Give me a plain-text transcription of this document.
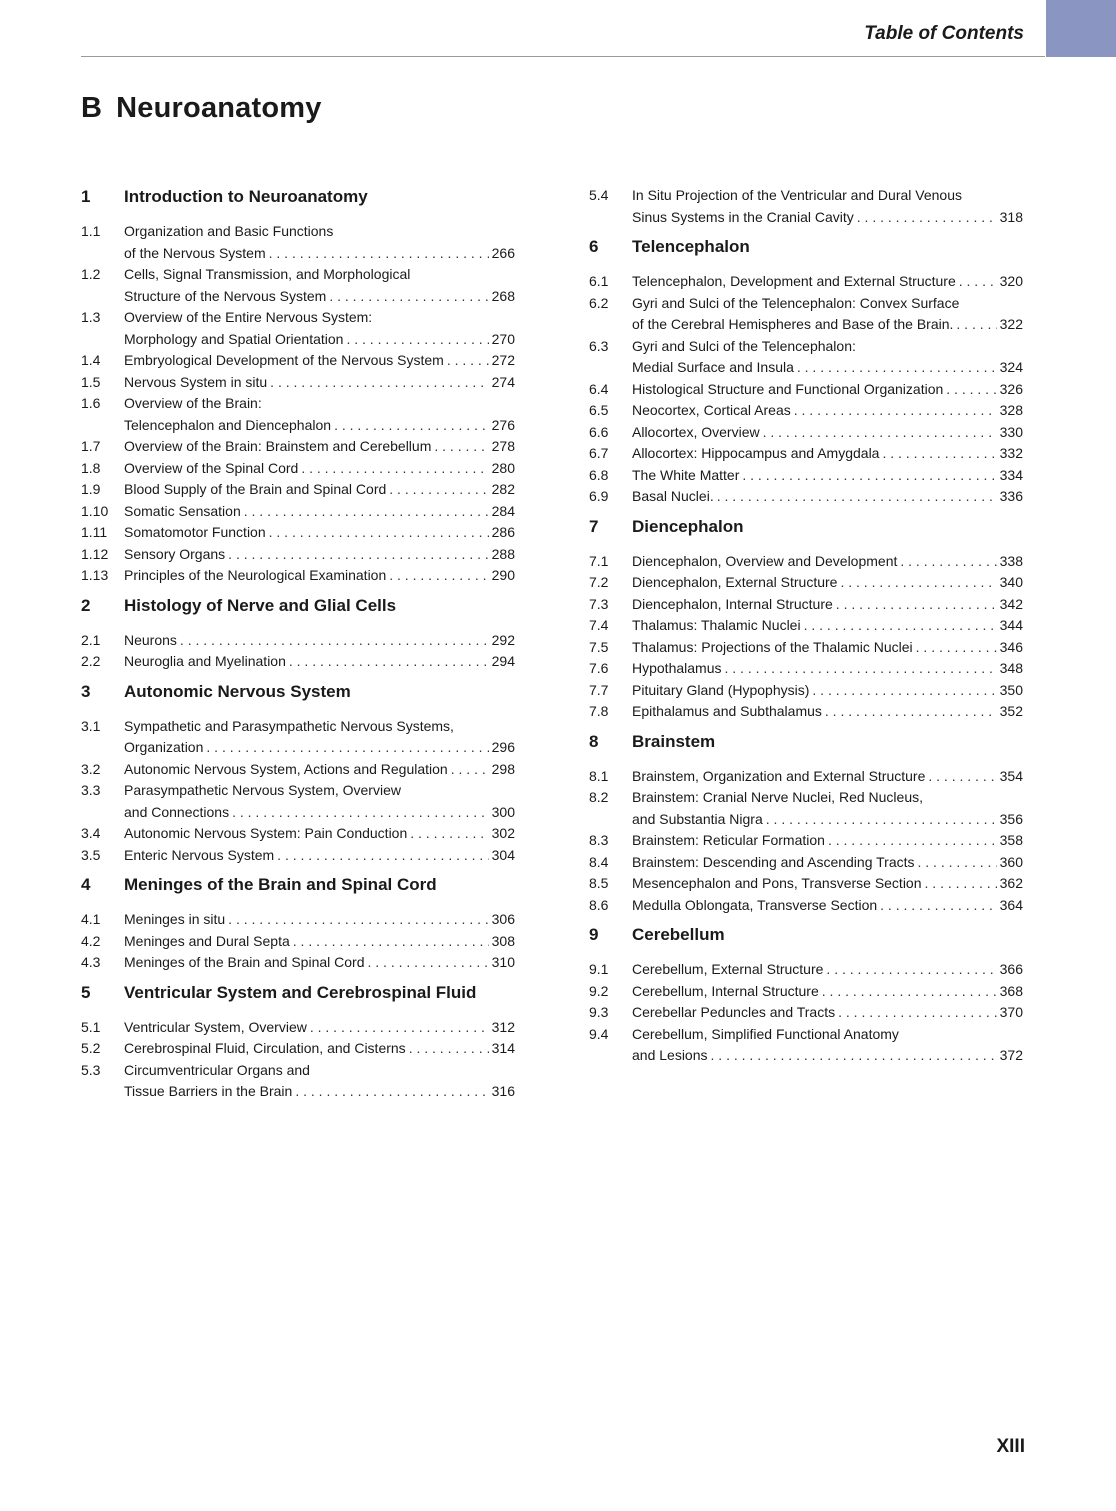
Table of Contents
B Neuroanatomy
1	Introduction to Neuroanatomy
1.1	Organization and Basic Functions
of the Nervous System . . .	266
1.2	Cells, Signal Transmission, and Morphological
Structure of the Nervous System . . .	268
1.3	Overview of the Entire Nervous System:
Morphology and Spatial Orientation . . .	270
1.4	Embryological Development of the Nervous System . . .	272
1.5	Nervous System in situ . . .	274
1.6	Overview of the Brain:
Telencephalon and Diencephalon . . .	276
1.7	Overview of the Brain: Brainstem and Cerebellum . . .	278
1.8	Overview of the Spinal Cord . . .	280
1.9	Blood Supply of the Brain and Spinal Cord . . .	282
1.10	Somatic Sensation . . .	284
1.11	Somatomotor Function . . .	286
1.12	Sensory Organs . . .	288
1.13	Principles of the Neurological Examination . . .	290
2	Histology of Nerve and Glial Cells
2.1	Neurons . . .	292
2.2	Neuroglia and Myelination . . .	294
3	Autonomic Nervous System
3.1	Sympathetic and Parasympathetic Nervous Systems,
Organization . . .	296
3.2	Autonomic Nervous System, Actions and Regulation . . .	298
3.3	Parasympathetic Nervous System, Overview
and Connections . . .	300
3.4	Autonomic Nervous System: Pain Conduction . . .	302
3.5	Enteric Nervous System . . .	304
4	Meninges of the Brain and Spinal Cord
4.1	Meninges in situ . . .	306
4.2	Meninges and Dural Septa . . .	308
4.3	Meninges of the Brain and Spinal Cord . . .	310
5	Ventricular System and Cerebrospinal Fluid
5.1	Ventricular System, Overview . . .	312
5.2	Cerebrospinal Fluid, Circulation, and Cisterns . . .	314
5.3	Circumventricular Organs and
Tissue Barriers in the Brain . . .	316
5.4	In Situ Projection of the Ventricular and Dural Venous
Sinus Systems in the Cranial Cavity . . .	318
6	Telencephalon
6.1	Telencephalon, Development and External Structure . . .	320
6.2	Gyri and Sulci of the Telencephalon: Convex Surface
of the Cerebral Hemispheres and Base of the Brain. . . .	322
6.3	Gyri and Sulci of the Telencephalon:
Medial Surface and Insula . . .	324
6.4	Histological Structure and Functional Organization . . .	326
6.5	Neocortex, Cortical Areas . . .	328
6.6	Allocortex, Overview . . .	330
6.7	Allocortex: Hippocampus and Amygdala . . .	332
6.8	The White Matter . . .	334
6.9	Basal Nuclei. . . .	336
7	Diencephalon
7.1	Diencephalon, Overview and Development . . .	338
7.2	Diencephalon, External Structure . . .	340
7.3	Diencephalon, Internal Structure . . .	342
7.4	Thalamus: Thalamic Nuclei . . .	344
7.5	Thalamus: Projections of the Thalamic Nuclei . . .	346
7.6	Hypothalamus . . .	348
7.7	Pituitary Gland (Hypophysis) . . .	350
7.8	Epithalamus and Subthalamus . . .	352
8	Brainstem
8.1	Brainstem, Organization and External Structure . . .	354
8.2	Brainstem: Cranial Nerve Nuclei, Red Nucleus,
and Substantia Nigra . . .	356
8.3	Brainstem: Reticular Formation . . .	358
8.4	Brainstem: Descending and Ascending Tracts . . .	360
8.5	Mesencephalon and Pons, Transverse Section . . .	362
8.6	Medulla Oblongata, Transverse Section . . .	364
9	Cerebellum
9.1	Cerebellum, External Structure . . .	366
9.2	Cerebellum, Internal Structure . . .	368
9.3	Cerebellar Peduncles and Tracts . . .	370
9.4	Cerebellum, Simplified Functional Anatomy
and Lesions . . .	372
XIII
